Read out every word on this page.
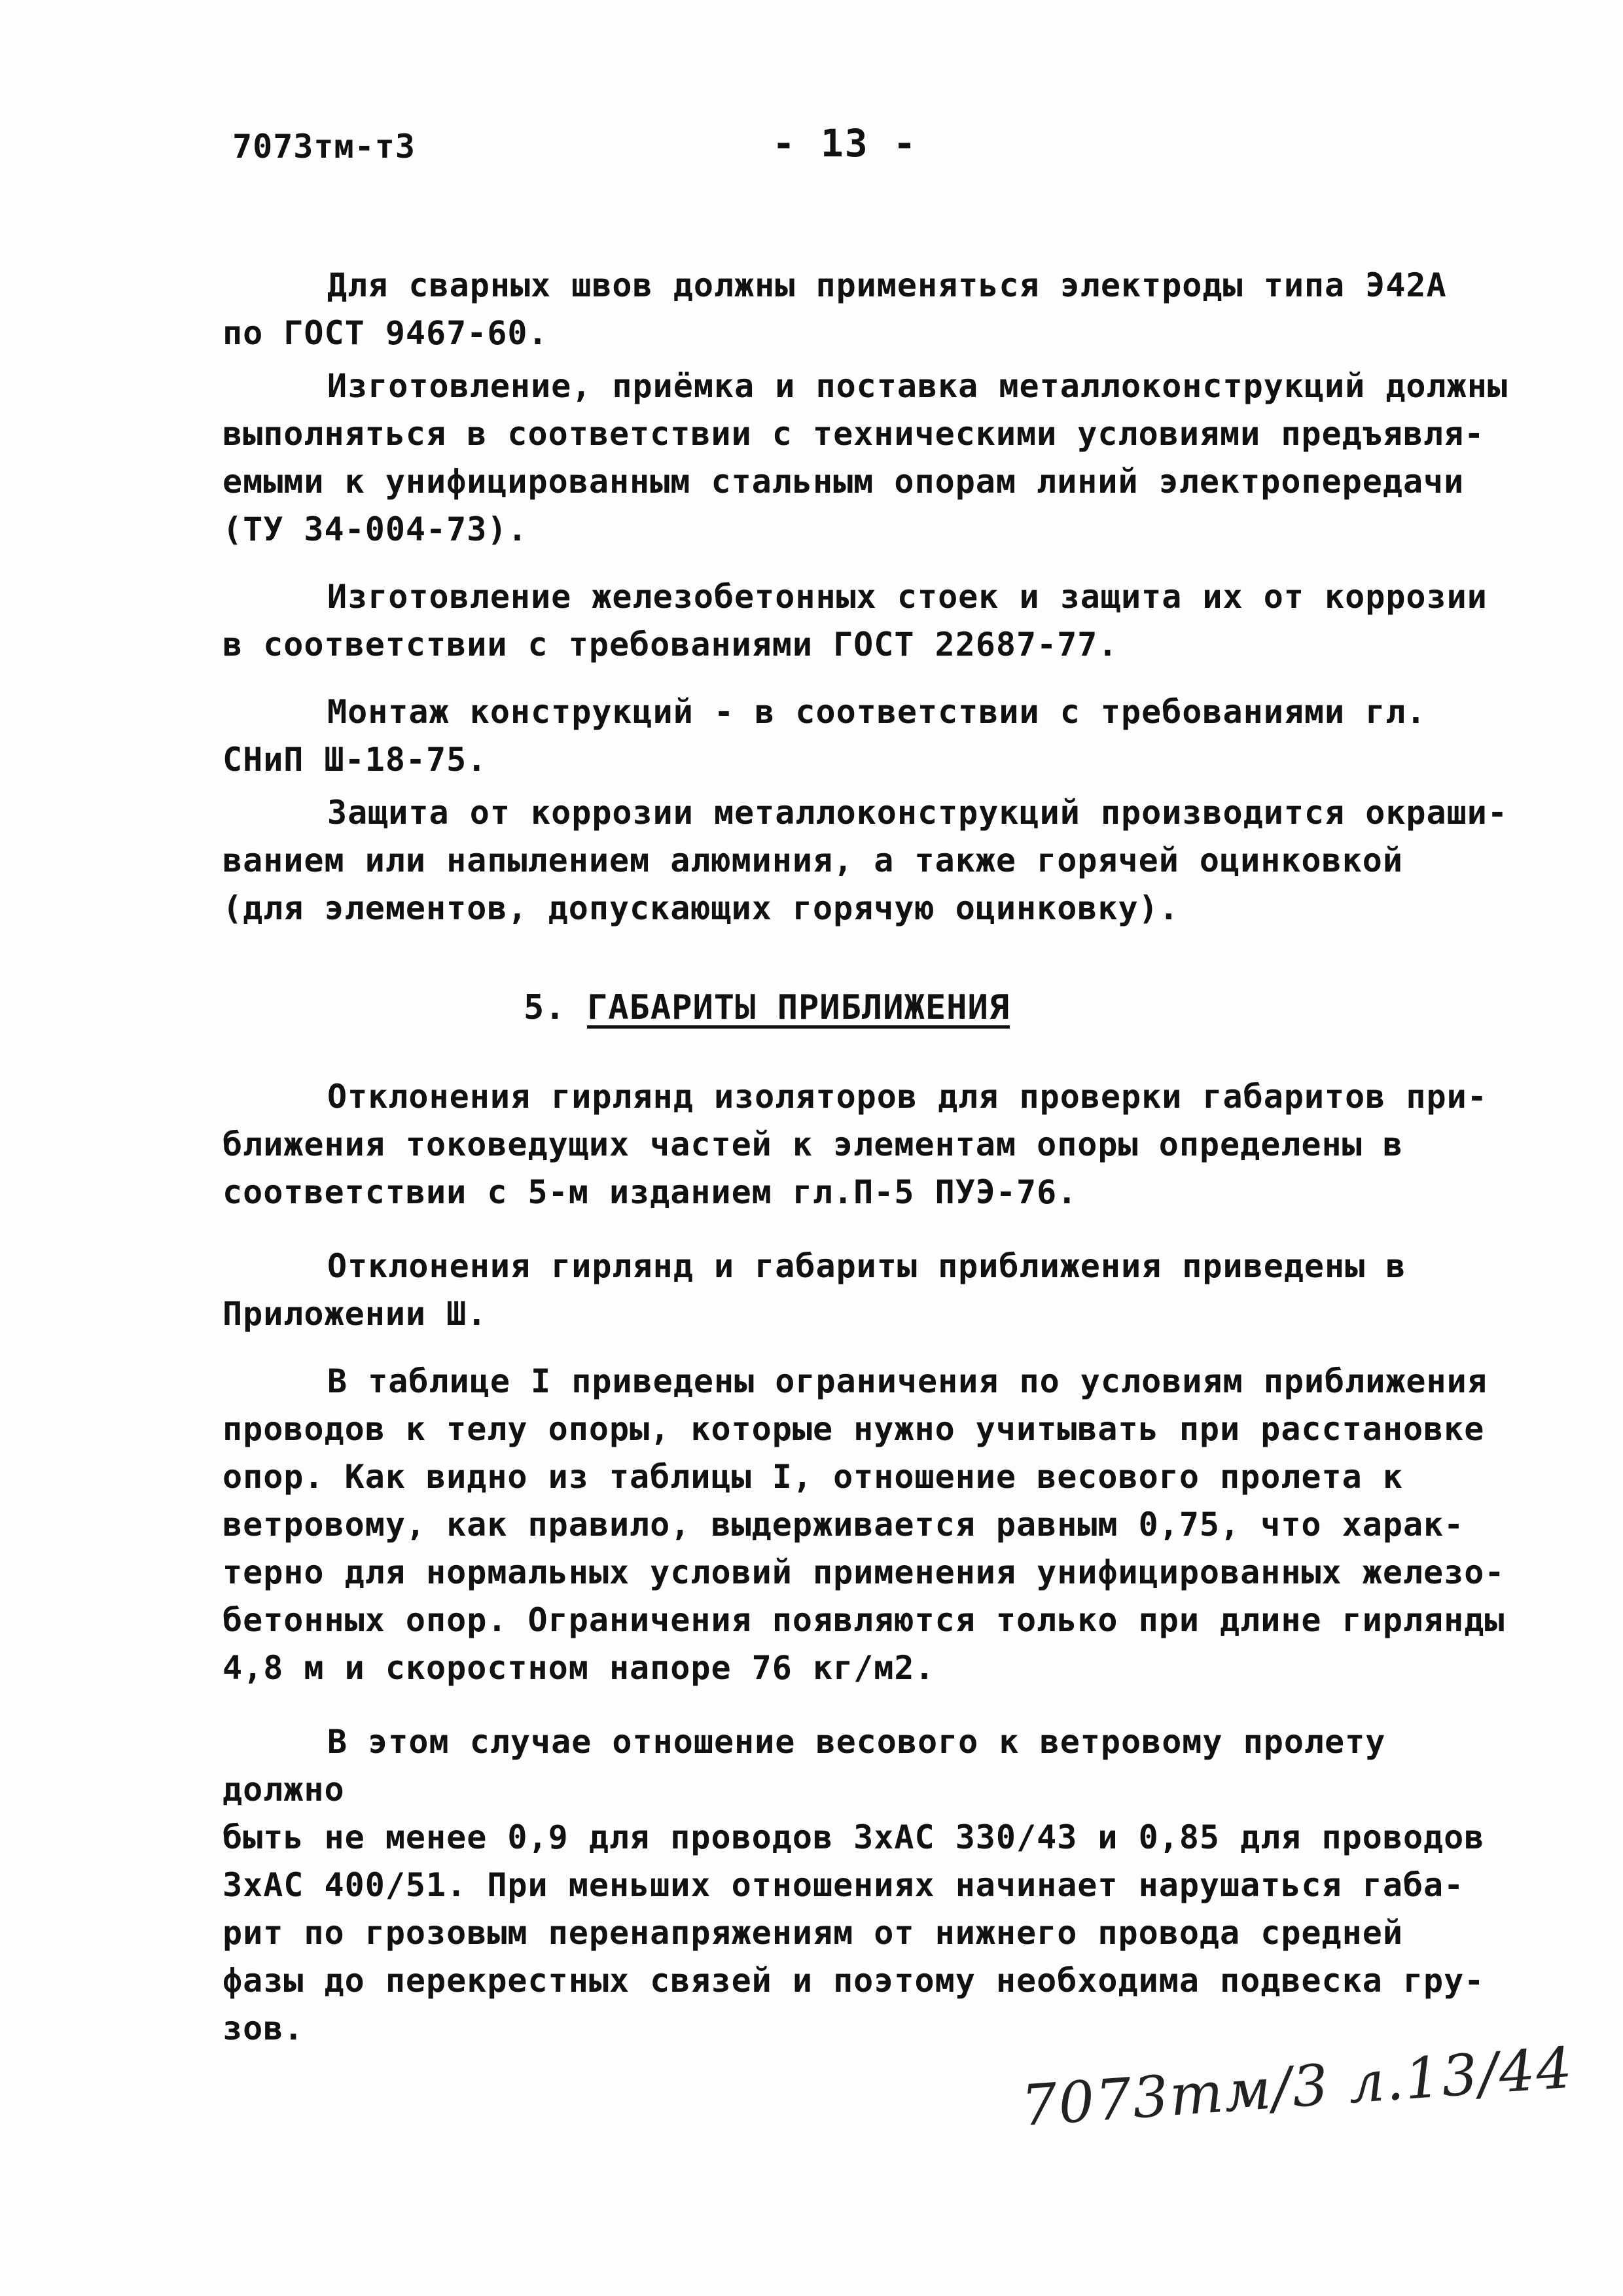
7073тм-т3	- 13 -

Для сварных швов должны применяться электроды типа Э42А
по ГОСТ 9467-60.

Изготовление, приёмка и поставка металлоконструкций должны
выполняться в соответствии с техническими условиями предъявля-
емыми к унифицированным стальным опорам линий электропередачи
(ТУ 34-004-73).

Изготовление железобетонных стоек и защита их от коррозии
в соответствии с требованиями ГОСТ 22687-77.

Монтаж конструкций - в соответствии с требованиями гл.
СНиП Ш-18-75.

Защита от коррозии металлоконструкций производится окраши-
ванием или напылением алюминия, а также горячей оцинковкой
(для элементов, допускающих горячую оцинковку).

5. ГАБАРИТЫ ПРИБЛИЖЕНИЯ

Отклонения гирлянд изоляторов для проверки габаритов при-
ближения токоведущих частей к элементам опоры определены в
соответствии с 5-м изданием гл.П-5 ПУЭ-76.

Отклонения гирлянд и габариты приближения приведены в
Приложении Ш.

В таблице I приведены ограничения по условиям приближения
проводов к телу опоры, которые нужно учитывать при расстановке
опор. Как видно из таблицы I, отношение весового пролета к
ветровому, как правило, выдерживается равным 0,75, что харак-
терно для нормальных условий применения унифицированных железо-
бетонных опор. Ограничения появляются только при длине гирлянды
4,8 м и скоростном напоре 76 кг/м2.

В этом случае отношение весового к ветровому пролету должно
быть не менее 0,9 для проводов 3хАС 330/43 и 0,85 для проводов
3хАС 400/51. При меньших отношениях начинает нарушаться габа-
рит по грозовым перенапряжениям от нижнего провода средней
фазы до перекрестных связей и поэтому необходима подвеска гру-
зов.

7073тм/3 л.13/44
